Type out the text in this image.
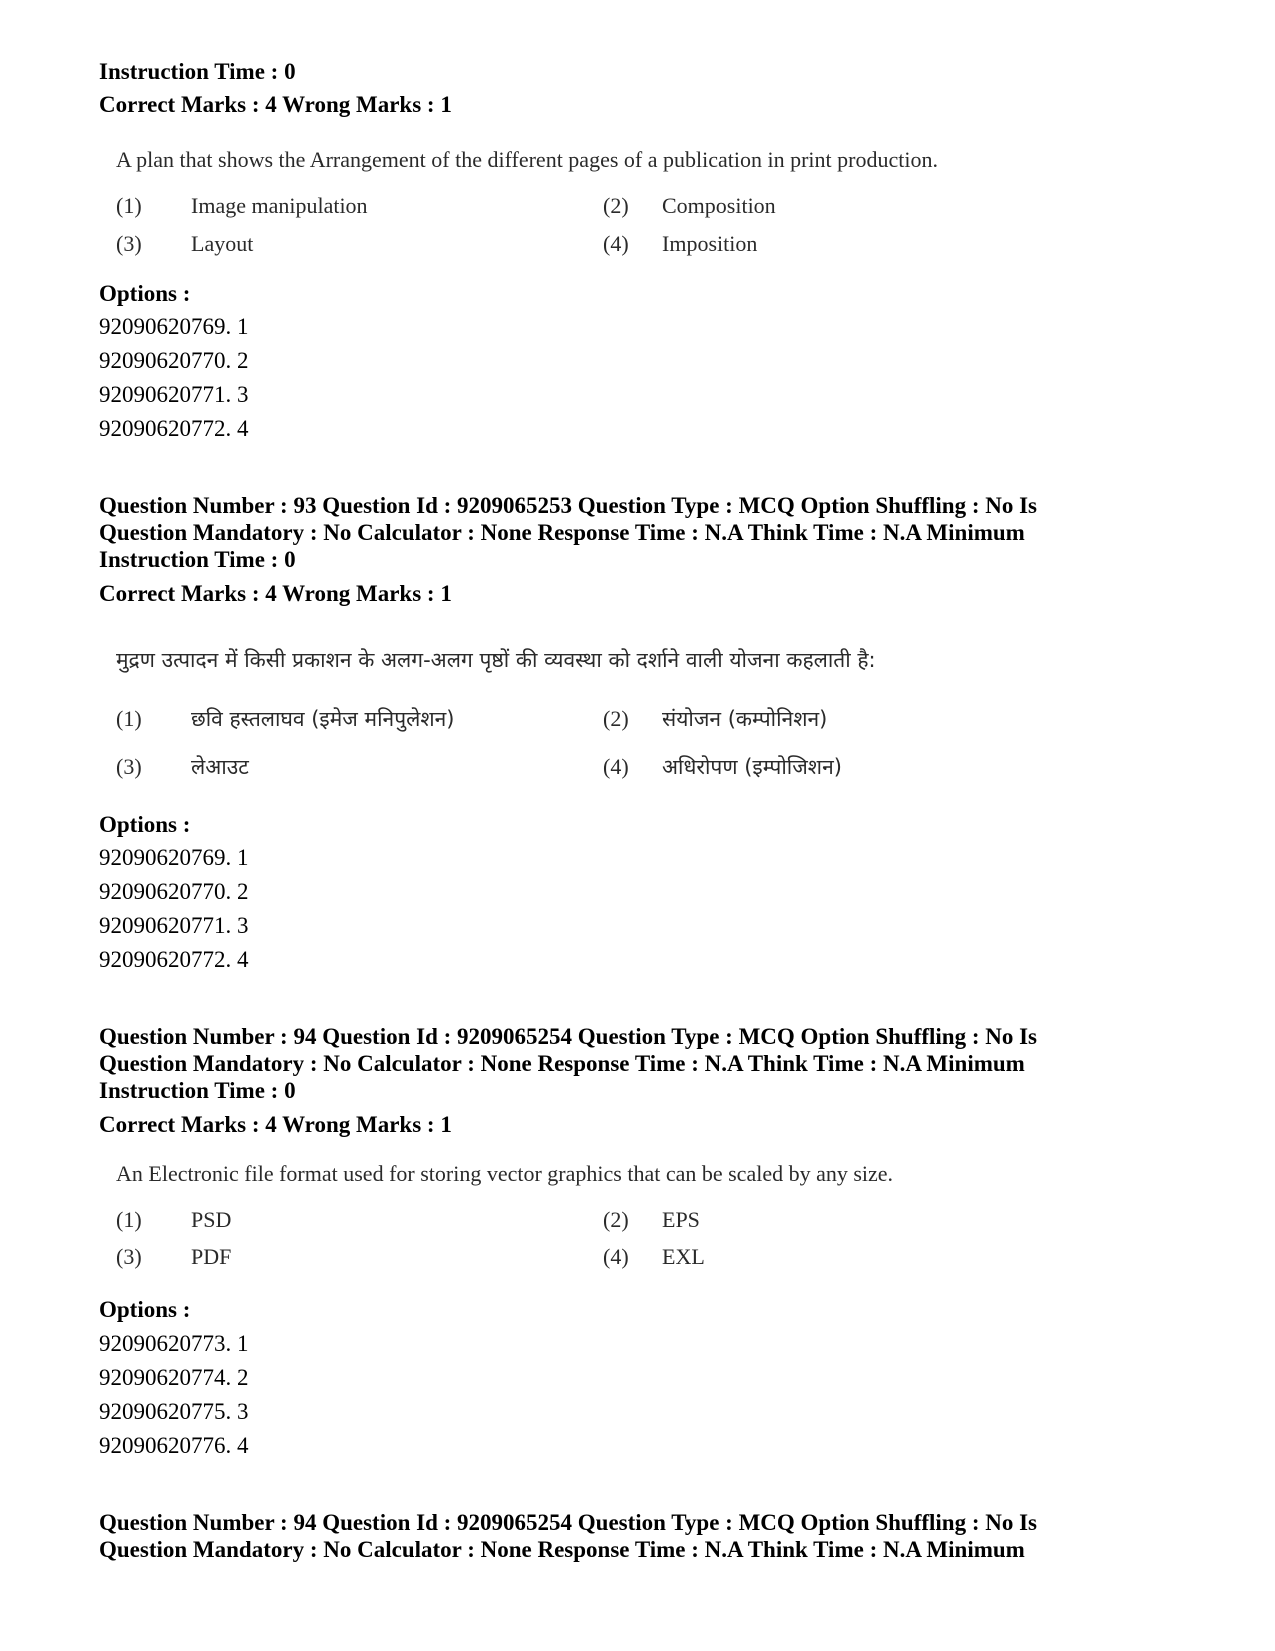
Instruction Time : 0
Correct Marks : 4 Wrong Marks : 1
A plan that shows the Arrangement of the different pages of a publication in print production.
(1) Image manipulation	(2) Composition
(3) Layout	(4) Imposition
Options :
92090620769. 1
92090620770. 2
92090620771. 3
92090620772. 4
Question Number : 93 Question Id : 9209065253 Question Type : MCQ Option Shuffling : No Is
Question Mandatory : No Calculator : None Response Time : N.A Think Time : N.A Minimum
Instruction Time : 0
Correct Marks : 4 Wrong Marks : 1
मुद्रण उत्पादन में किसी प्रकाशन के अलग-अलग पृष्ठों की व्यवस्था को दर्शाने वाली योजना कहलाती है:
(1) छवि हस्तलाघव (इमेज मनिपुलेशन)	(2) संयोजन (कम्पोनिशन)
(3) लेआउट	(4) अधिरोपण (इम्पोजिशन)
Options :
92090620769. 1
92090620770. 2
92090620771. 3
92090620772. 4
Question Number : 94 Question Id : 9209065254 Question Type : MCQ Option Shuffling : No Is
Question Mandatory : No Calculator : None Response Time : N.A Think Time : N.A Minimum
Instruction Time : 0
Correct Marks : 4 Wrong Marks : 1
An Electronic file format used for storing vector graphics that can be scaled by any size.
(1) PSD	(2) EPS
(3) PDF	(4) EXL
Options :
92090620773. 1
92090620774. 2
92090620775. 3
92090620776. 4
Question Number : 94 Question Id : 9209065254 Question Type : MCQ Option Shuffling : No Is
Question Mandatory : No Calculator : None Response Time : N.A Think Time : N.A Minimum
